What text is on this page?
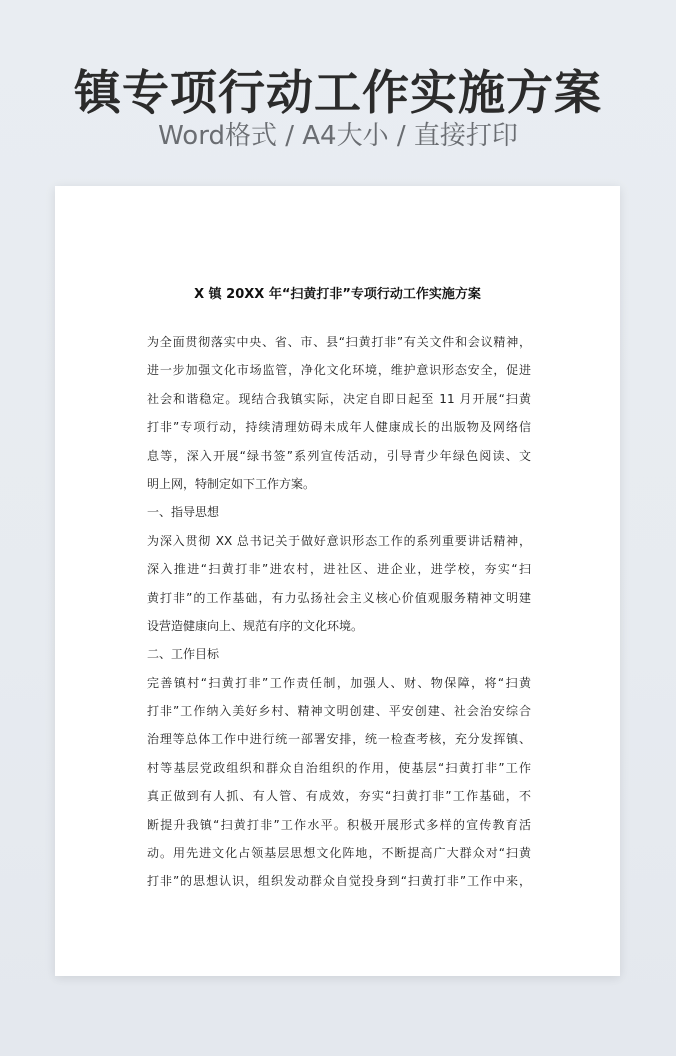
镇专项行动工作实施方案
Word格式 / A4大小 / 直接打印
X 镇 20XX 年“扫黄打非”专项行动工作实施方案
为全面贯彻落实中央、省、市、县“扫黄打非”有关文件和会议精神，
进一步加强文化市场监管，净化文化环境，维护意识形态安全，促进
社会和谐稳定。现结合我镇实际，决定自即日起至 11 月开展“扫黄
打非”专项行动，持续清理妨碍未成年人健康成长的出版物及网络信
息等，深入开展“绿书签”系列宣传活动，引导青少年绿色阅读、文
明上网，特制定如下工作方案。
一、指导思想
为深入贯彻 XX 总书记关于做好意识形态工作的系列重要讲话精神，
深入推进“扫黄打非”进农村，进社区、进企业，进学校，夯实“扫
黄打非”的工作基础，有力弘扬社会主义核心价值观服务精神文明建
设营造健康向上、规范有序的文化环境。
二、工作目标
完善镇村“扫黄打非”工作责任制，加强人、财、物保障，将“扫黄
打非”工作纳入美好乡村、精神文明创建、平安创建、社会治安综合
治理等总体工作中进行统一部署安排，统一检查考核，充分发挥镇、
村等基层党政组织和群众自治组织的作用，使基层“扫黄打非”工作
真正做到有人抓、有人管、有成效，夯实“扫黄打非”工作基础，不
断提升我镇“扫黄打非”工作水平。积极开展形式多样的宣传教育活
动。用先进文化占领基层思想文化阵地，不断提高广大群众对“扫黄
打非”的思想认识，组织发动群众自觉投身到“扫黄打非”工作中来，
